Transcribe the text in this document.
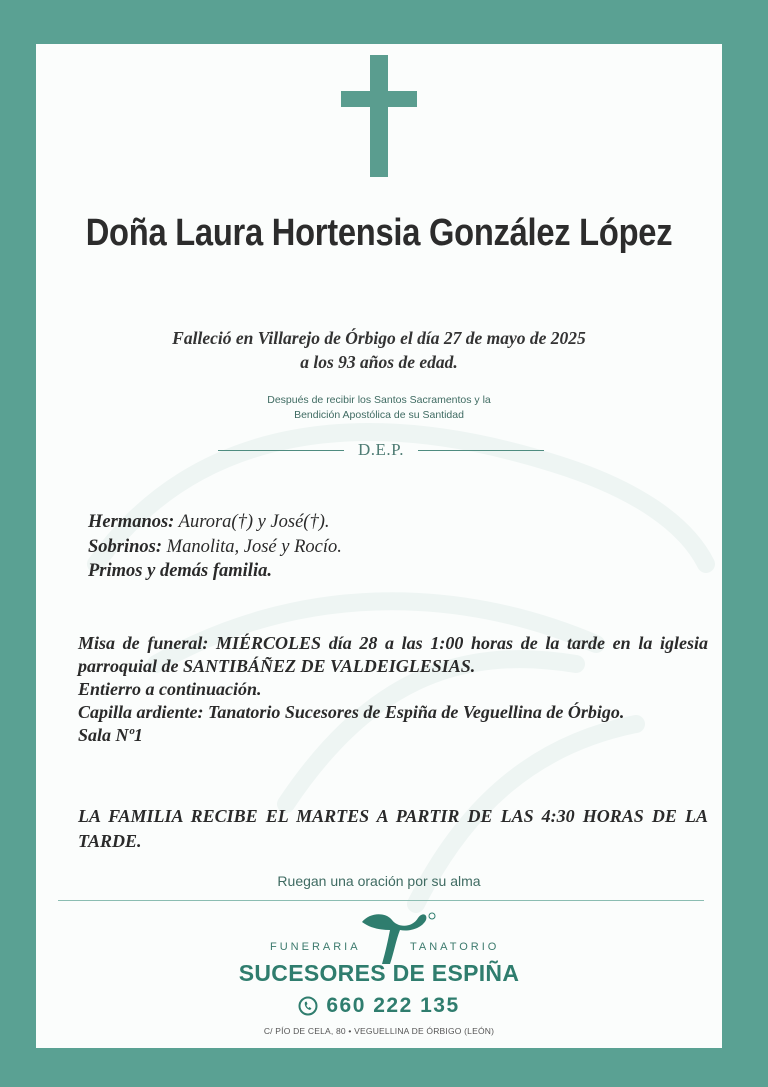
Doña Laura Hortensia González López
Falleció en Villarejo de Órbigo el día 27 de mayo de 2025
a los 93 años de edad.
Después de recibir los Santos Sacramentos y la
Bendición Apostólica de su Santidad
D.E.P.
Hermanos: Aurora(†) y José(†).
Sobrinos: Manolita, José y Rocío.
Primos y demás familia.
Misa de funeral: MIÉRCOLES día 28 a las 1:00 horas de la tarde en la iglesia parroquial de SANTIBÁÑEZ DE VALDEIGLESIAS.
Entierro a continuación.
Capilla ardiente: Tanatorio Sucesores de Espiña de Veguellina de Órbigo.
Sala Nº1
LA FAMILIA RECIBE EL MARTES A PARTIR DE LAS 4:30 HORAS DE LA TARDE.
Ruegan una oración por su alma
FUNERARIA	TANATORIO
SUCESORES DE ESPIÑA
660 222 135
C/ PÍO DE CELA, 80 • VEGUELLINA DE ÓRBIGO (LEÓN)
